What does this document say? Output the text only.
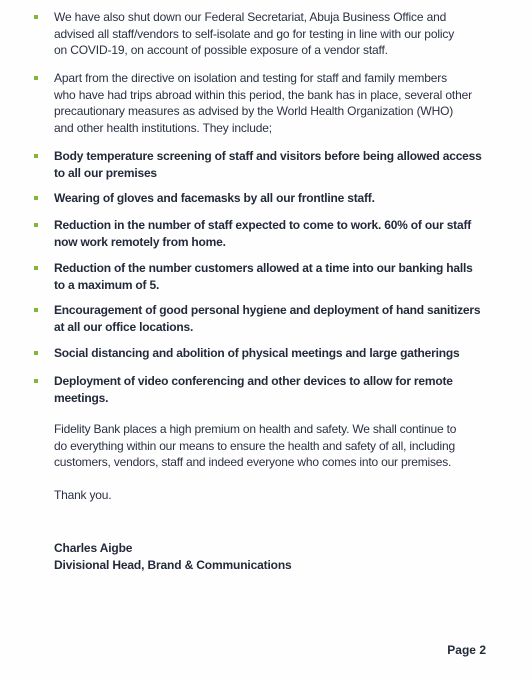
We have also shut down our Federal Secretariat, Abuja Business Office and
advised all staff/vendors to self-isolate and go for testing in line with our policy
on COVID-19, on account of possible exposure of a vendor staff.
Apart from the directive on isolation and testing for staff and family members
who have had trips abroad within this period, the bank has in place, several other
precautionary measures as advised by the World Health Organization (WHO)
and other health institutions. They include;
Body temperature screening of staff and visitors before being allowed access
to all our premises
Wearing of gloves and facemasks by all our frontline staff.
Reduction in the number of staff expected to come to work. 60% of our staff
now work remotely from home.
Reduction of the number customers allowed at a time into our banking halls
to a maximum of 5.
Encouragement of good personal hygiene and deployment of hand sanitizers
at all our office locations.
Social distancing and abolition of physical meetings and large gatherings
Deployment of video conferencing and other devices to allow for remote
meetings.
Fidelity Bank places a high premium on health and safety. We shall continue to
do everything within our means to ensure the health and safety of all, including
customers, vendors, staff and indeed everyone who comes into our premises.
Thank you.
Charles Aigbe
Divisional Head, Brand & Communications
Page 2
